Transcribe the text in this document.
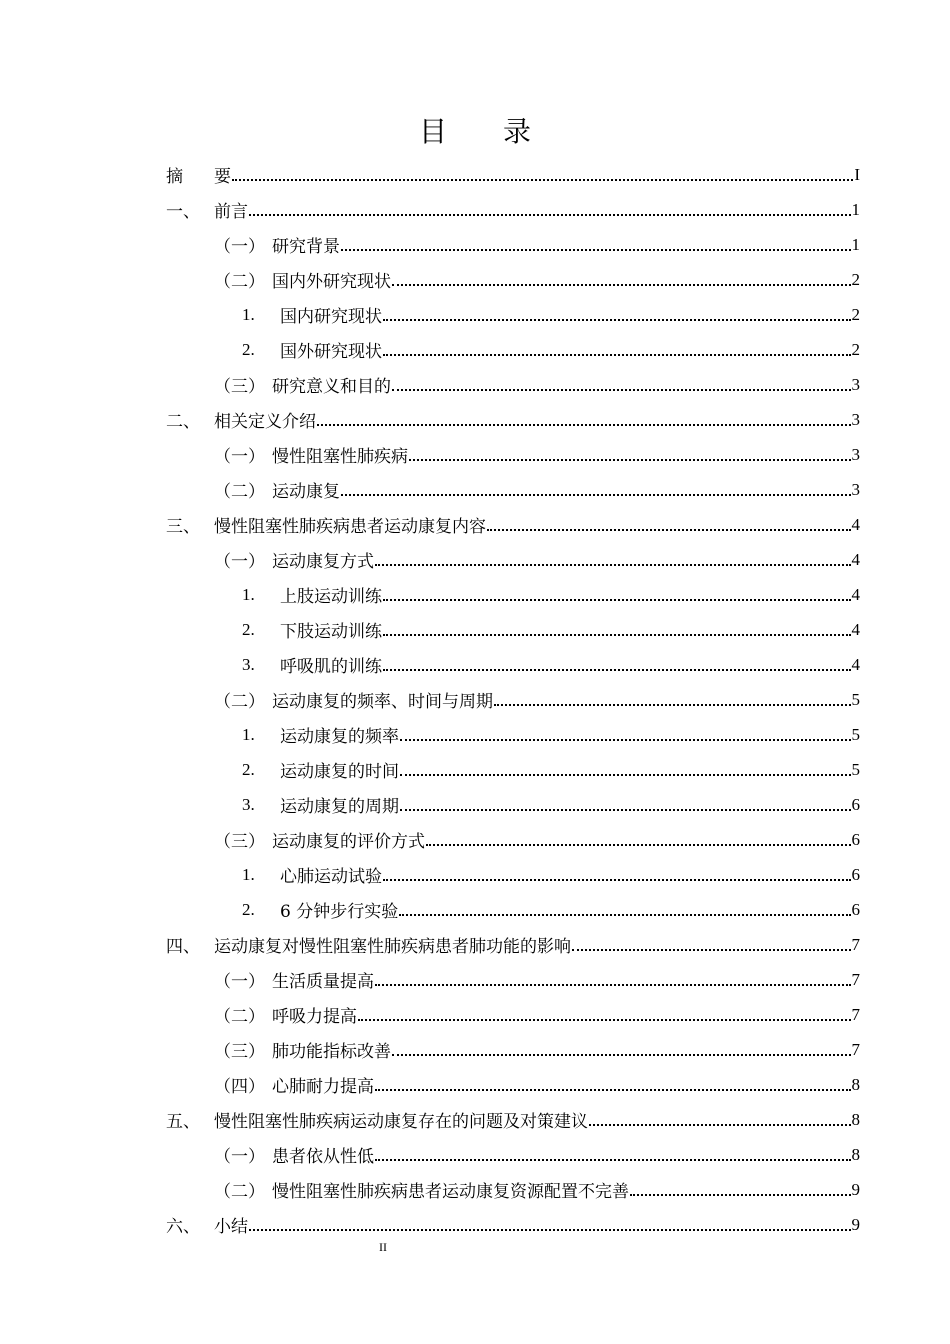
目录
摘	要	I
一、 前言	1
（一） 研究背景	1
（二） 国内外研究现状	2
1.	国内研究现状	2
2.	国外研究现状	2
（三） 研究意义和目的	3
二、 相关定义介绍	3
（一） 慢性阻塞性肺疾病	3
（二） 运动康复	3
三、 慢性阻塞性肺疾病患者运动康复内容	4
（一） 运动康复方式	4
1.	上肢运动训练	4
2.	下肢运动训练	4
3.	呼吸肌的训练	4
（二） 运动康复的频率、时间与周期	5
1.	运动康复的频率	5
2.	运动康复的时间	5
3.	运动康复的周期	6
（三） 运动康复的评价方式	6
1.	心肺运动试验	6
2.	6 分钟步行实验	6
四、 运动康复对慢性阻塞性肺疾病患者肺功能的影响	7
（一） 生活质量提高	7
（二） 呼吸力提高	7
（三） 肺功能指标改善	7
（四） 心肺耐力提高	8
五、 慢性阻塞性肺疾病运动康复存在的问题及对策建议	8
（一） 患者依从性低	8
（二） 慢性阻塞性肺疾病患者运动康复资源配置不完善	9
六、 小结	9
II
